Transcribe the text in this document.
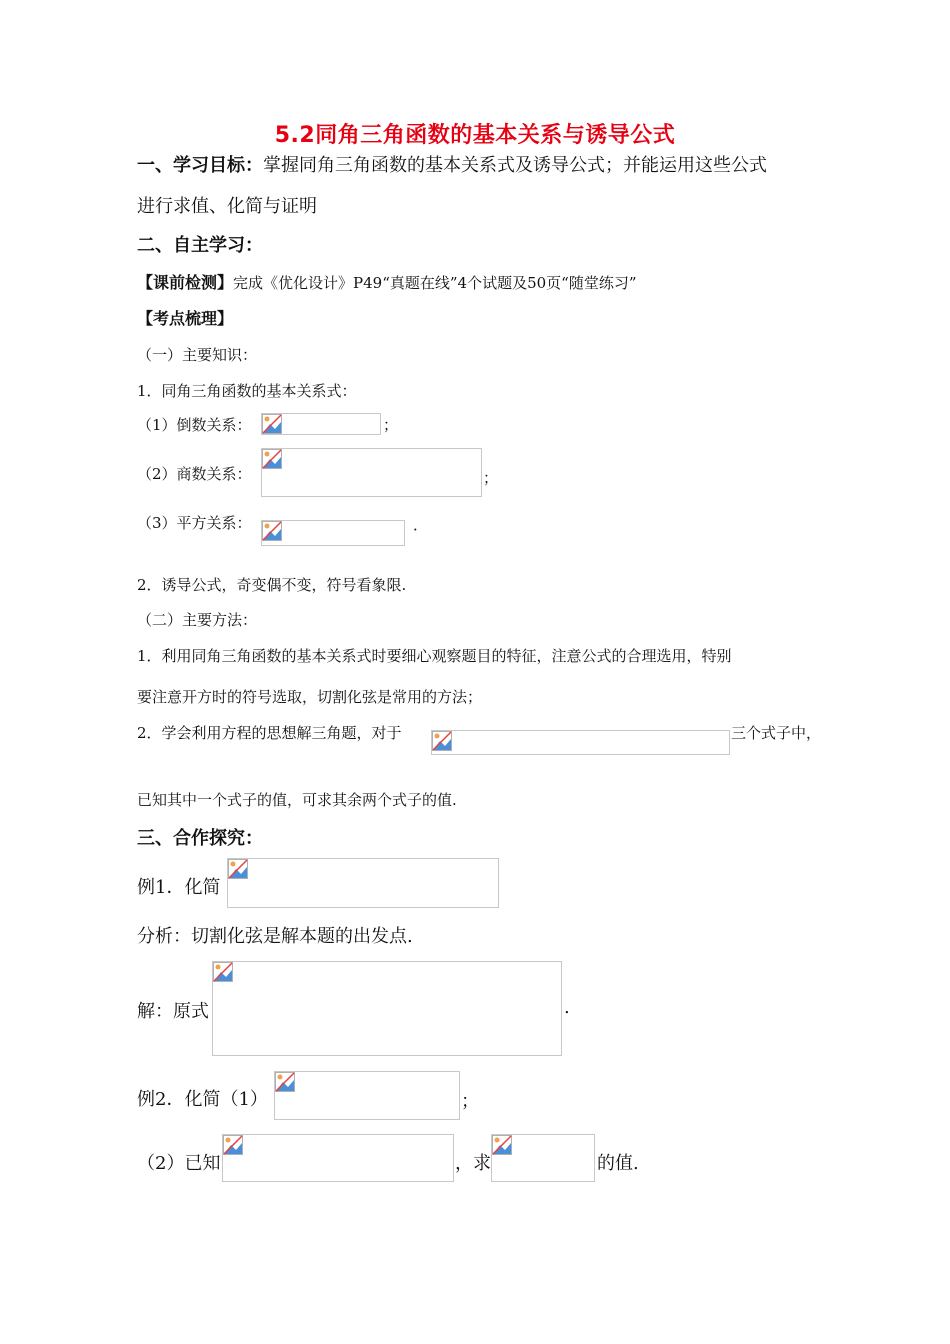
5.2同角三角函数的基本关系与诱导公式
一、学习目标：掌握同角三角函数的基本关系式及诱导公式；并能运用这些公式
进行求值、化简与证明
二、自主学习：
【课前检测】完成《优化设计》P49“真题在线”4个试题及50页“随堂练习”
【考点梳理】
（一）主要知识：
1．同角三角函数的基本关系式：
（1）倒数关系：	；
（2）商数关系：	；
（3）平方关系：	．
2．诱导公式，奇变偶不变，符号看象限.
（二）主要方法：
1．利用同角三角函数的基本关系式时要细心观察题目的特征，注意公式的合理选用，特别
要注意开方时的符号选取，切割化弦是常用的方法；
2．学会利用方程的思想解三角题，对于	三个式子中，
已知其中一个式子的值，可求其余两个式子的值.
三、合作探究：
例1．化简
分析：切割化弦是解本题的出发点.
解：原式	.
例2．化简（1）	；
（2）已知	，求	的值.
